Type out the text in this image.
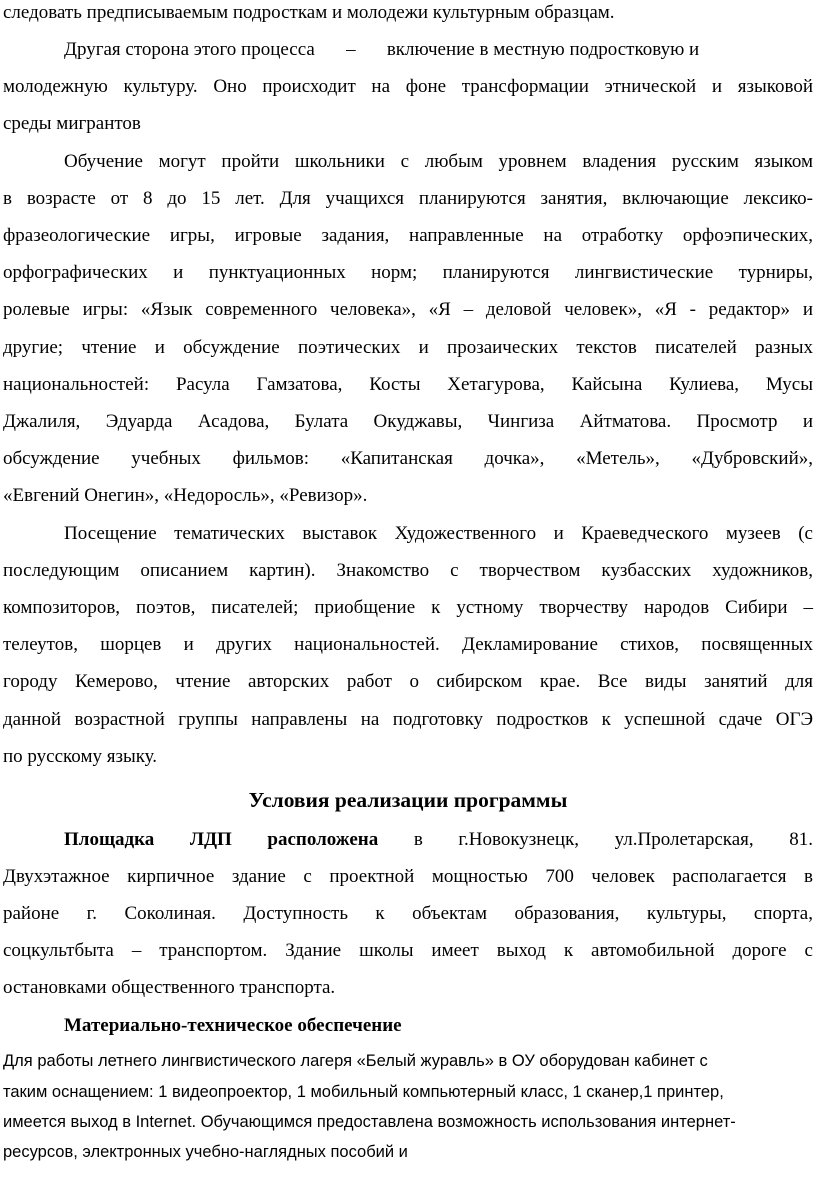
следовать предписываемым подросткам и молодежи культурным образцам.
Другая сторона этого процесса – включение в местную подростковую и
молодежную культуру. Оно происходит на фоне трансформации этнической и языковой
среды мигрантов
Обучение могут пройти школьники с любым уровнем владения русским языком
в возрасте от 8 до 15 лет. Для учащихся планируются занятия, включающие лексико-
фразеологические игры, игровые задания, направленные на отработку орфоэпических,
орфографических и пунктуационных норм; планируются лингвистические турниры,
ролевые игры: «Язык современного человека», «Я – деловой человек», «Я - редактор» и
другие; чтение и обсуждение поэтических и прозаических текстов писателей разных
национальностей: Расула Гамзатова, Косты Хетагурова, Кайсына Кулиева, Мусы
Джалиля, Эдуарда Асадова, Булата Окуджавы, Чингиза Айтматова. Просмотр и
обсуждение учебных фильмов: «Капитанская дочка», «Метель», «Дубровский»,
«Евгений Онегин», «Недоросль», «Ревизор».
Посещение тематических выставок Художественного и Краеведческого музеев (с
последующим описанием картин). Знакомство с творчеством кузбасских художников,
композиторов, поэтов, писателей; приобщение к устному творчеству народов Сибири –
телеутов, шорцев и других национальностей. Декламирование стихов, посвященных
городу Кемерово, чтение авторских работ о сибирском крае. Все виды занятий для
данной возрастной группы направлены на подготовку подростков к успешной сдаче ОГЭ
по русскому языку.
Условия реализации программы
Площадка ЛДП расположена в г.Новокузнецк, ул.Пролетарская, 81.
Двухэтажное кирпичное здание с проектной мощностью 700 человек располагается в
районе г. Соколиная. Доступность к объектам образования, культуры, спорта,
соцкультбыта – транспортом. Здание школы имеет выход к автомобильной дороге с
остановками общественного транспорта.
Материально-техническое обеспечение
Для работы летнего лингвистического лагеря «Белый журавль» в ОУ оборудован кабинет с
таким оснащением: 1 видеопроектор, 1 мобильный компьютерный класс, 1 сканер,1 принтер,
имеется выход в Internet. Обучающимся предоставлена возможность использования интернет-
ресурсов, электронных учебно-наглядных пособий и
